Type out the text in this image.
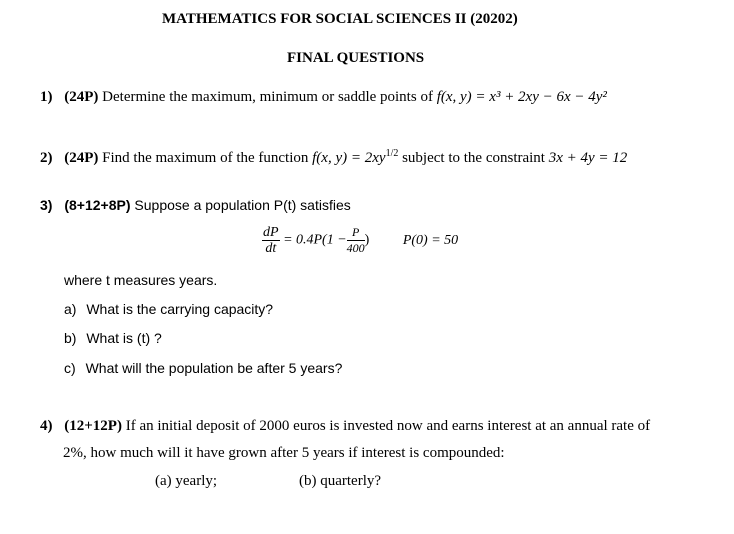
MATHEMATICS FOR SOCIAL SCIENCES II (20202)
FINAL QUESTIONS
1) (24P) Determine the maximum, minimum or saddle points of f(x, y) = x³ + 2xy − 6x − 4y²
2) (24P) Find the maximum of the function f(x, $y) = 2xy^{1/2}$ subject to the constraint 3x + 4y = 12
3) (8+12+8P) Suppose a population P(t) satisfies
$\frac{dP}{dt} = 0.4P(1 - \frac{P}{400}$ ) P(0) = 50
where t measures years.
a) What is the carrying capacity?
b) What is (t) ?
c) What will the population be after 5 years?
4) (12+12P) If an initial deposit of 2000 euros is invested now and earns interest at an annual rate of
2%, how much will it have grown after 5 years if interest is compounded:
(a) yearly;	(b) quarterly?
